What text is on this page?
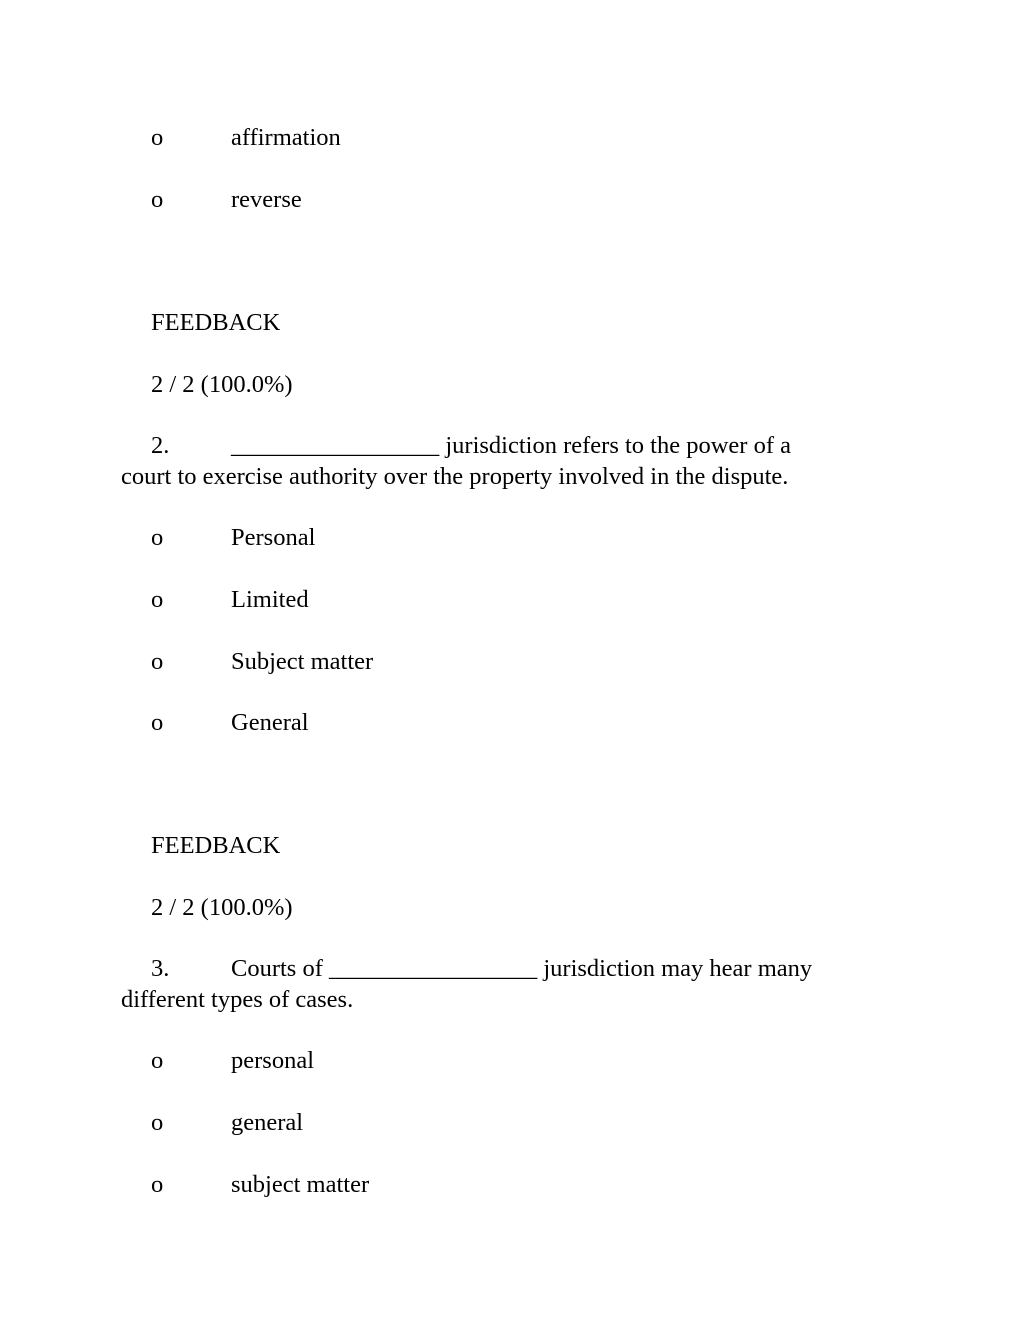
o	affirmation
o	reverse
FEEDBACK
2 / 2 (100.0%)
2.	_________________ jurisdiction refers to the power of a
court to exercise authority over the property involved in the dispute.
o	Personal
o	Limited
o	Subject matter
o	General
FEEDBACK
2 / 2 (100.0%)
3.	Courts of _________________ jurisdiction may hear many
different types of cases.
o	personal
o	general
o	subject matter
